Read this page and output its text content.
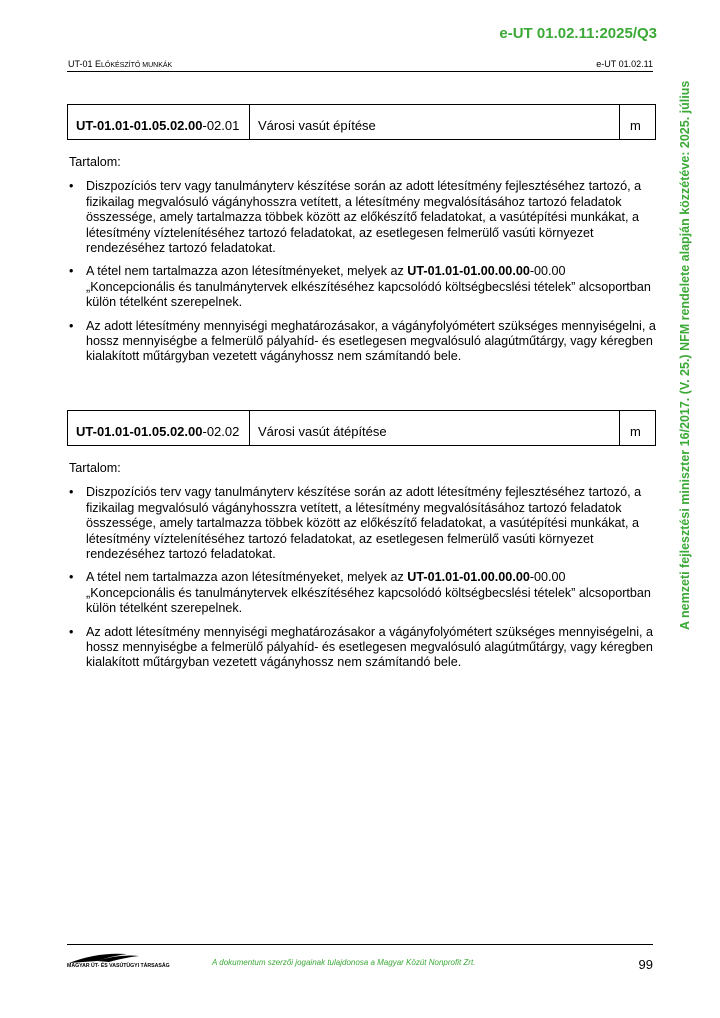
e-UT 01.02.11:2025/Q3
UT-01 ELŐKÉSZÍTŐ MUNKÁK	e-UT 01.02.11
A nemzeti fejlesztési miniszter 16/2017. (V. 25.) NFM rendelete alapján közzétéve: 2025. július
UT-01.01-01.05.02.00-02.01	Városi vasút építése	m
Tartalom:
• Diszpozíciós terv vagy tanulmányterv készítése során az adott létesítmény fejlesztéséhez tartozó, a fizikailag megvalósuló vágányhosszra vetített, a létesítmény megvalósításához tartozó feladatok összessége, amely tartalmazza többek között az előkészítő feladatokat, a vasútépítési munkákat, a létesítmény víztelenítéséhez tartozó feladatokat, az esetlegesen felmerülő vasúti környezet rendezéséhez tartozó feladatokat.
• A tétel nem tartalmazza azon létesítményeket, melyek az UT-01.01-01.00.00.00-00.00 „Koncepcionális és tanulmánytervek elkészítéséhez kapcsolódó költségbecslési tételek” alcsoportban külön tételként szerepelnek.
• Az adott létesítmény mennyiségi meghatározásakor, a vágányfolyómétert szükséges mennyiségelni, a hossz mennyiségbe a felmerülő pályahíd- és esetlegesen megvalósuló alagútműtárgy, vagy kéregben kialakított műtárgyban vezetett vágányhossz nem számítandó bele.
UT-01.01-01.05.02.00-02.02	Városi vasút átépítése	m
Tartalom:
• Diszpozíciós terv vagy tanulmányterv készítése során az adott létesítmény fejlesztéséhez tartozó, a fizikailag megvalósuló vágányhosszra vetített, a létesítmény megvalósításához tartozó feladatok összessége, amely tartalmazza többek között az előkészítő feladatokat, a vasútépítési munkákat, a létesítmény víztelenítéséhez tartozó feladatokat, az esetlegesen felmerülő vasúti környezet rendezéséhez tartozó feladatokat.
• A tétel nem tartalmazza azon létesítményeket, melyek az UT-01.01-01.00.00.00-00.00 „Koncepcionális és tanulmánytervek elkészítéséhez kapcsolódó költségbecslési tételek” alcsoportban külön tételként szerepelnek.
• Az adott létesítmény mennyiségi meghatározásakor a vágányfolyómétert szükséges mennyiségelni, a hossz mennyiségbe a felmerülő pályahíd- és esetlegesen megvalósuló alagútműtárgy, vagy kéregben kialakított műtárgyban vezetett vágányhossz nem számítandó bele.
MAGYAR ÚT- ÉS VASÚTÜGYI TÁRSASÁG	A dokumentum szerzői jogainak tulajdonosa a Magyar Közút Nonprofit Zrt.	99
